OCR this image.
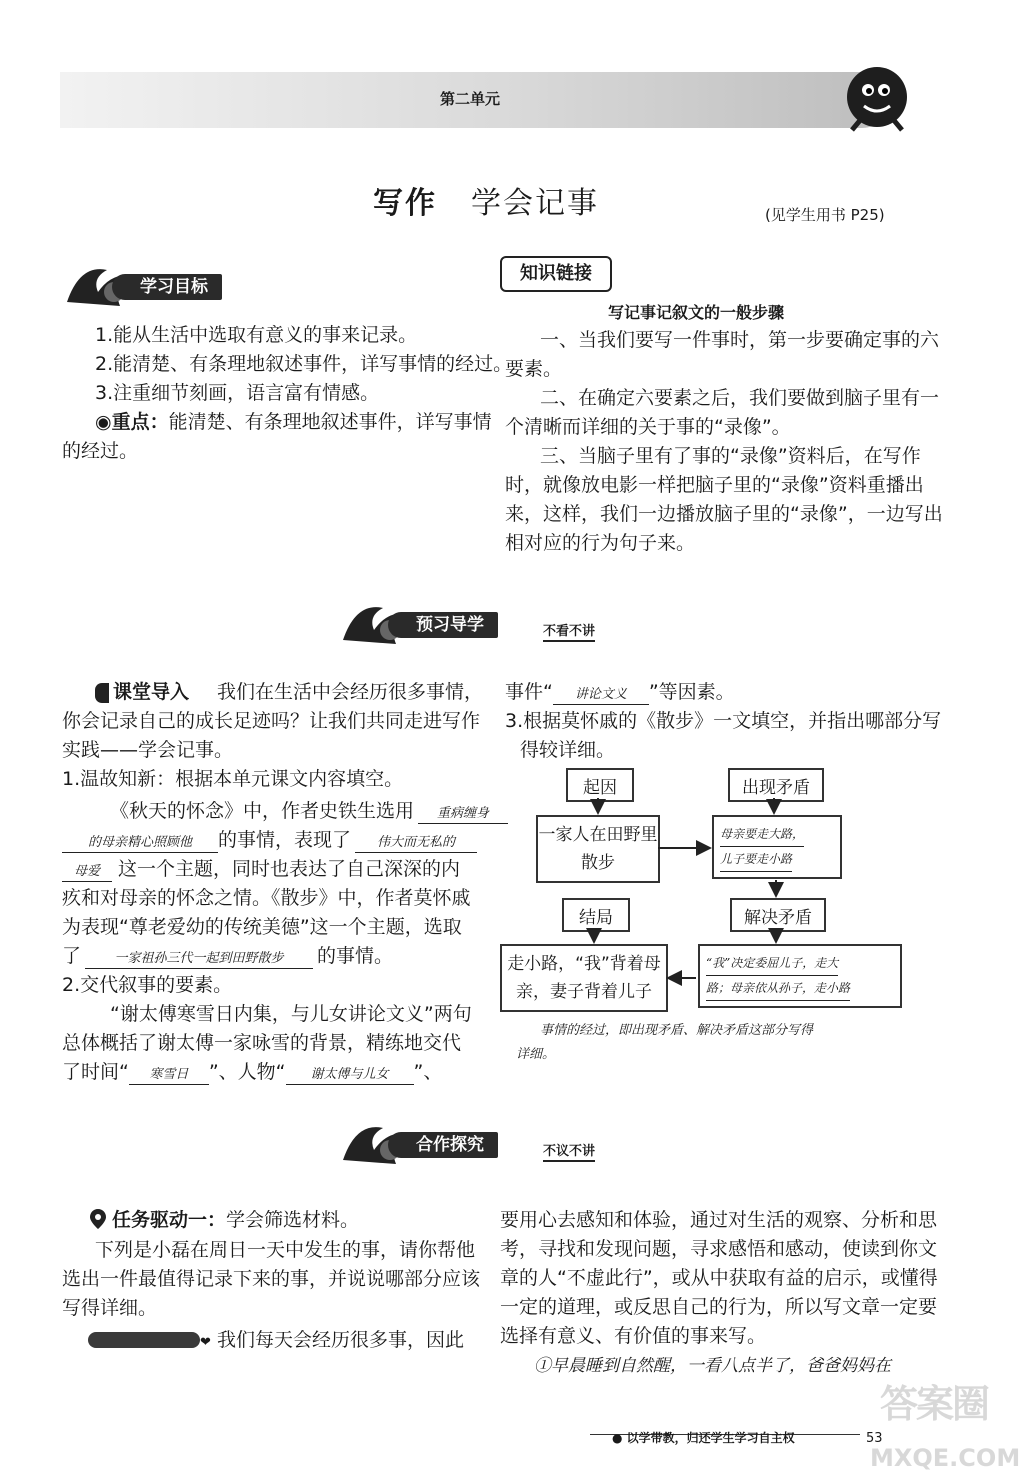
第二单元
写作 学会记事	(见学生用书 P25)
学习目标
1.能从生活中选取有意义的事来记录。
2.能清楚、有条理地叙述事件，详写事情的经过。
3.注重细节刻画，语言富有情感。
◉重点：能清楚、有条理地叙述事件，详写事情
的经过。
知识链接
写记事记叙文的一般步骤
一、当我们要写一件事时，第一步要确定事的六
要素。
二、在确定六要素之后，我们要做到脑子里有一
个清晰而详细的关于事的“录像”。
三、当脑子里有了事的“录像”资料后，在写作
时，就像放电影一样把脑子里的“录像”资料重播出
来，这样，我们一边播放脑子里的“录像”，一边写出
相对应的行为句子来。
预习导学	不看不讲
课堂导入 我们在生活中会经历很多事情，
你会记录自己的成长足迹吗？让我们共同走进写作
实践——学会记事。
1.温故知新：根据本单元课文内容填空。
《秋天的怀念》中，作者史铁生选用 重病缠身
的母亲精心照顾他 的事情，表现了 伟大而无私的
母爱 这一个主题，同时也表达了自己深深的内
疚和对母亲的怀念之情。《散步》中，作者莫怀戚
为表现“尊老爱幼的传统美德”这一个主题，选取
了	一家祖孙三代一起到田野散步 的事情。
2.交代叙事的要素。
“谢太傅寒雪日内集，与儿女讲论文义”两句
总体概括了谢太傅一家咏雪的背景，精练地交代
了时间“ 寒雪日 ”、人物“ 谢太傅与儿女 ”、
事件“ 讲论文义 ”等因素。
3.根据莫怀戚的《散步》一文填空，并指出哪部分写
得较详细。
起因
一家人在田野里散步
出现矛盾
母亲要走大路，
儿子要走小路
结局
走小路，“我”背着母亲，妻子背着儿子
解决矛盾
“我”决定委屈儿子，走大
路；母亲依从孙子，走小路
事情的经过，即出现矛盾、解决矛盾这部分写得
详细。
合作探究	不议不讲
任务驱动一：学会筛选材料。
下列是小磊在周日一天中发生的事，请你帮他
选出一件最值得记录下来的事，并说说哪部分应该
写得详细。
❤ 我们每天会经历很多事，因此
要用心去感知和体验，通过对生活的观察、分析和思
考，寻找和发现问题，寻求感悟和感动，使读到你文
章的人“不虚此行”，或从中获取有益的启示，或懂得
一定的道理，或反思自己的行为，所以写文章一定要
选择有意义、有价值的事来写。
①早晨睡到自然醒，一看八点半了，爸爸妈妈在
● 以学带教，归还学生学习自主权	53
答案圈
MXQE.COM
